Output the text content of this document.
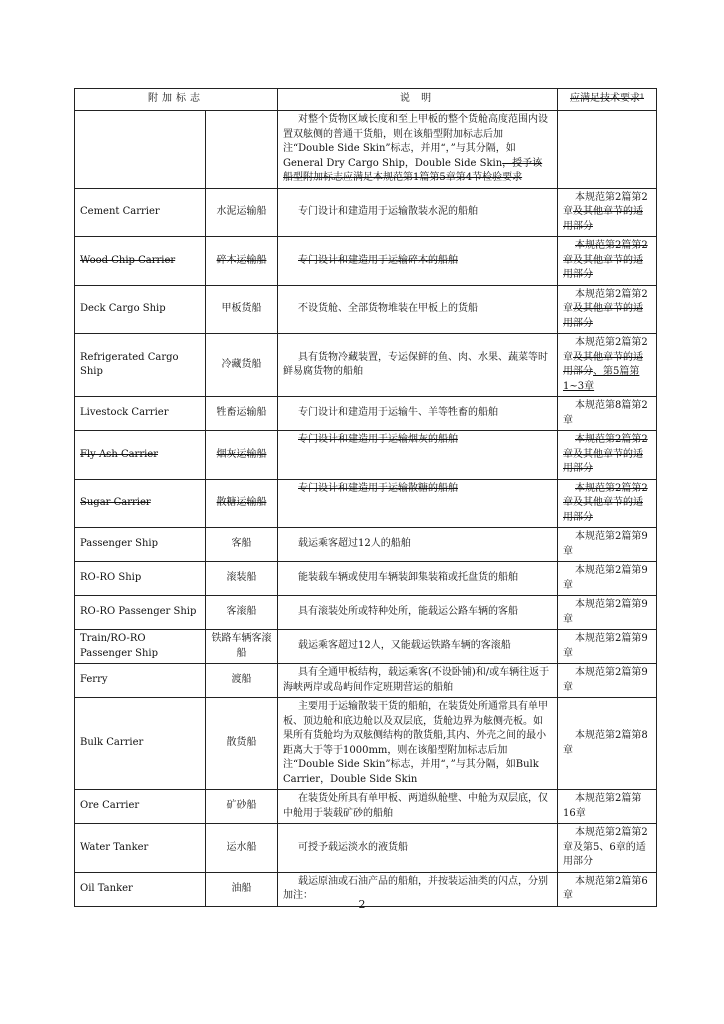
附加标志		说 明	应满足技术要求¹
		对整个货物区域长度和至上甲板的整个货舱高度范围内设置双舷侧的普通干货船，则在该船型附加标志后加注“Double Side Skin”标志，并用“，”与其分隔，如General Dry Cargo Ship，Double Side Skin，授予该船型附加标志应满足本规范第1篇第5章第4节检验要求	
Cement Carrier	水泥运输船	专门设计和建造用于运输散装水泥的船舶	本规范第2篇第2章及其他章节的适用部分
Wood Chip Carrier	碎木运输船	专门设计和建造用于运输碎木的船舶	本规范第2篇第2章及其他章节的适用部分
Deck Cargo Ship	甲板货船	不设货舱、全部货物堆装在甲板上的货船	本规范第2篇第2章及其他章节的适用部分
Refrigerated Cargo Ship	冷藏货船	具有货物冷藏装置，专运保鲜的鱼、肉、水果、蔬菜等时鲜易腐货物的船舶	本规范第2篇第2章及其他章节的适用部分、第5篇第1~3章
Livestock Carrier	牲畜运输船	专门设计和建造用于运输牛、羊等牲畜的船舶	本规范第8篇第2章
Fly Ash Carrier	烟灰运输船	专门设计和建造用于运输烟灰的船舶	本规范第2篇第2章及其他章节的适用部分
Sugar Carrier	散糖运输船	专门设计和建造用于运输散糖的船舶	本规范第2篇第2章及其他章节的适用部分
Passenger Ship	客船	载运乘客超过12人的船舶	本规范第2篇第9章
RO-RO Ship	滚装船	能装载车辆或使用车辆装卸集装箱或托盘货的船舶	本规范第2篇第9章
RO-RO Passenger Ship	客滚船	具有滚装处所或特种处所，能载运公路车辆的客船	本规范第2篇第9章
Train/RO-RO Passenger Ship	铁路车辆客滚船	载运乘客超过12人，又能载运铁路车辆的客滚船	本规范第2篇第9章
Ferry	渡船	具有全通甲板结构，载运乘客(不设卧铺)和/或车辆往返于海峡两岸或岛屿间作定班期营运的船舶	本规范第2篇第9章
Bulk Carrier	散货船	主要用于运输散装干货的船舶，在装货处所通常具有单甲板、顶边舱和底边舱以及双层底，货舱边界为舷侧壳板。如果所有货舱均为双舷侧结构的散货船,其内、外壳之间的最小距离大于等于1000mm，则在该船型附加标志后加注“Double Side Skin”标志，并用“，”与其分隔，如Bulk Carrier，Double Side Skin	本规范第2篇第8章
Ore Carrier	矿砂船	在装货处所具有单甲板、两道纵舱壁、中舱为双层底，仅中舱用于装载矿砂的船舶	本规范第2篇第16章
Water Tanker	运水船	可授予载运淡水的液货船	本规范第2篇第2章及第5、6章的适用部分
Oil Tanker	油船	载运原油或石油产品的船舶，并按装运油类的闪点，分别加注：	本规范第2篇第6章
2
